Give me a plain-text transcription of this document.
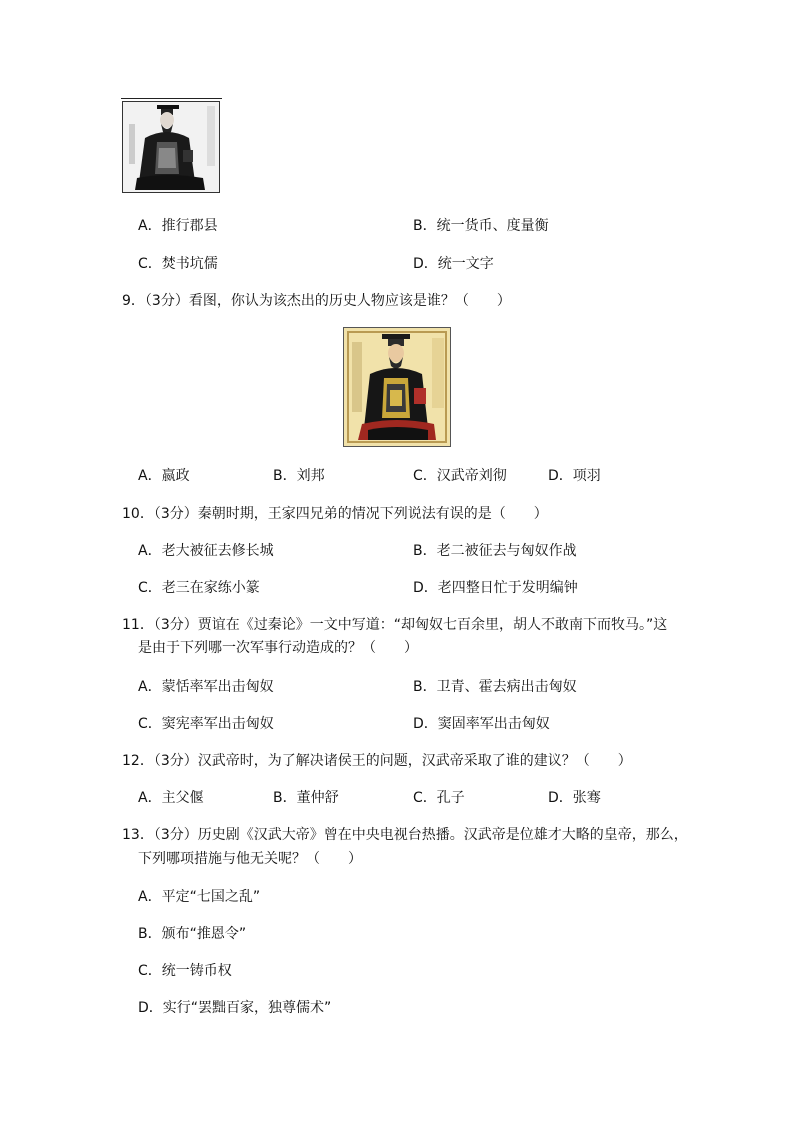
A．推行郡县	B．统一货币、度量衡
C．焚书坑儒	D．统一文字
9．（3分）看图，你认为该杰出的历史人物应该是谁？（　　）
A．嬴政	B．刘邦	C．汉武帝刘彻	D．项羽
10．（3分）秦朝时期，王家四兄弟的情况下列说法有误的是（　　）
A．老大被征去修长城	B．老二被征去与匈奴作战
C．老三在家练小篆	D．老四整日忙于发明编钟
11．（3分）贾谊在《过秦论》一文中写道：“却匈奴七百余里，胡人不敢南下而牧马。”这
是由于下列哪一次军事行动造成的？（　　）
A．蒙恬率军出击匈奴	B．卫青、霍去病出击匈奴
C．窦宪率军出击匈奴	D．窦固率军出击匈奴
12．（3分）汉武帝时，为了解决诸侯王的问题，汉武帝采取了谁的建议？（　　）
A．主父偃	B．董仲舒	C．孔子	D．张骞
13．（3分）历史剧《汉武大帝》曾在中央电视台热播。汉武帝是位雄才大略的皇帝，那么，
下列哪项措施与他无关呢？（　　）
A．平定“七国之乱”
B．颁布“推恩令”
C．统一铸币权
D．实行“罢黜百家，独尊儒术”
